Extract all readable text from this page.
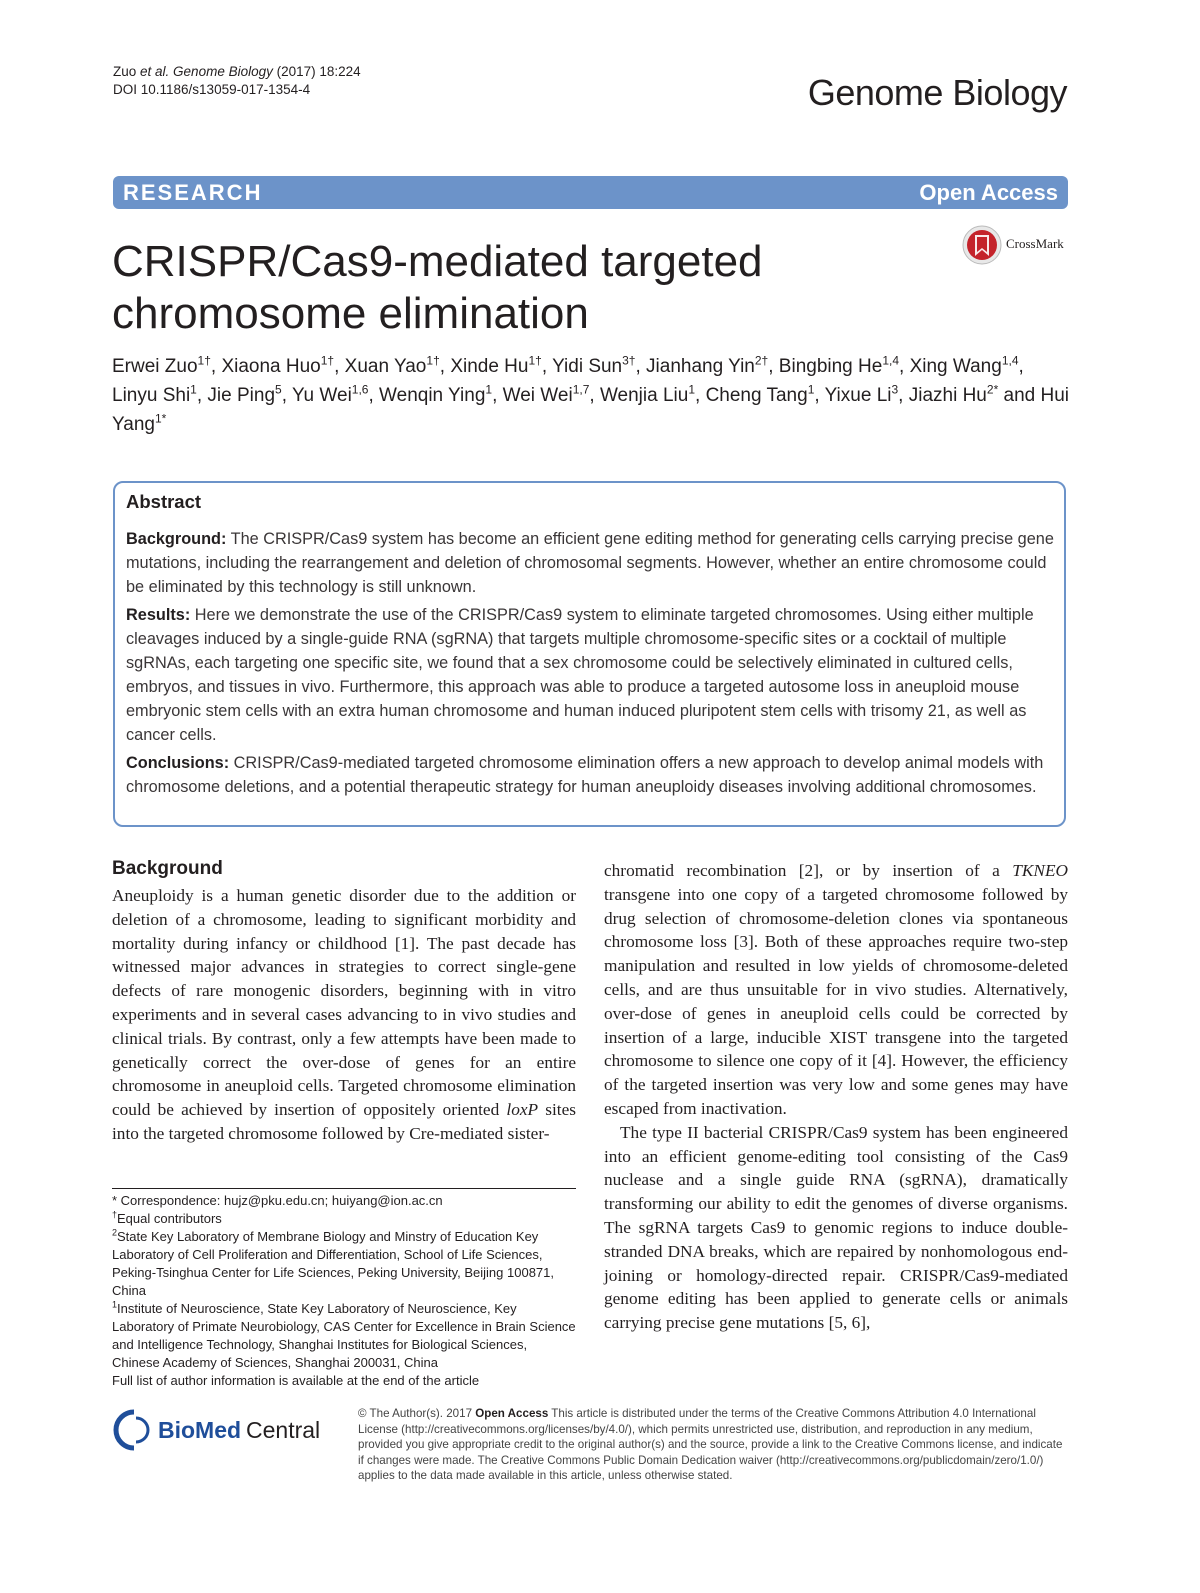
Zuo et al. Genome Biology (2017) 18:224
DOI 10.1186/s13059-017-1354-4	Genome Biology
RESEARCH	Open Access
CRISPR/Cas9-mediated targeted
chromosome elimination
CrossMark
Erwei Zuo$^{1\dagger}$, Xiaona Huo$^{1\dagger}$, Xuan Yao$^{1\dagger}$, Xinde $Hu^{1\dagger}$, Yidi Sun$^{3\dagger}$, Jianhang Yin$^{2\dagger}$, Bingbing He$^{1,4}$, Xing Wang$^{1,4}$, Linyu Shi$^1$, Jie Ping$^5$, Yu Wei$^{1,6}$, Wenqin Ying$^1$, Wei Wei$^{1,7}$, Wenjia Liu$^1$, Cheng Tang$^1$, Yixue Li$^3$, Jiazhi $Hu^{2*}$ and Hui Yang$^{1*}$
Abstract
Background: The CRISPR/Cas9 system has become an efficient gene editing method for generating cells carrying precise gene mutations, including the rearrangement and deletion of chromosomal segments. However, whether an entire chromosome could be eliminated by this technology is still unknown.
Results: Here we demonstrate the use of the CRISPR/Cas9 system to eliminate targeted chromosomes. Using either multiple cleavages induced by a single-guide RNA (sgRNA) that targets multiple chromosome-specific sites or a cocktail of multiple sgRNAs, each targeting one specific site, we found that a sex chromosome could be selectively eliminated in cultured cells, embryos, and tissues in vivo. Furthermore, this approach was able to produce a targeted autosome loss in aneuploid mouse embryonic stem cells with an extra human chromosome and human induced pluripotent stem cells with trisomy 21, as well as cancer cells.
Conclusions: CRISPR/Cas9-mediated targeted chromosome elimination offers a new approach to develop animal models with chromosome deletions, and a potential therapeutic strategy for human aneuploidy diseases involving additional chromosomes.
Background

Aneuploidy is a human genetic disorder due to the addition or deletion of a chromosome, leading to significant morbidity and mortality during infancy or childhood [1]. The past decade has witnessed major advances in strategies to correct single-gene defects of rare monogenic disorders, beginning with in vitro experiments and in several cases advancing to in vivo studies and clinical trials. By contrast, only a few attempts have been made to genetically correct the over-dose of genes for an entire chromosome in aneuploid cells. Targeted chromosome elimination could be achieved by insertion of oppositely oriented loxP sites into the targeted chromosome followed by Cre-mediated sister-

chromatid recombination [2], or by insertion of a TKNEO transgene into one copy of a targeted chromosome followed by drug selection of chromosome-deletion clones via spontaneous chromosome loss [3]. Both of these approaches require two-step manipulation and resulted in low yields of chromosome-deleted cells, and are thus unsuitable for in vivo studies. Alternatively, over-dose of genes in aneuploid cells could be corrected by insertion of a large, inducible XIST transgene into the targeted chromosome to silence one copy of it [4]. However, the efficiency of the targeted insertion was very low and some genes may have escaped from inactivation.

The type II bacterial CRISPR/Cas9 system has been engineered into an efficient genome-editing tool consisting of the Cas9 nuclease and a single guide RNA (sgRNA), dramatically transforming our ability to edit the genomes of diverse organisms. The sgRNA targets Cas9 to genomic regions to induce double-stranded DNA breaks, which are repaired by nonhomologous end-joining or homology-directed repair. CRISPR/Cas9-mediated genome editing has been applied to generate cells or animals carrying precise gene mutations [5, 6],

* Correspondence: hujz@pku.edu.cn; huiyang@ion.ac.cn

†Equal contributors

$^2$State Key Laboratory of Membrane Biology and Minstry of Education Key Laboratory of Cell Proliferation and Differentiation, School of Life Sciences, Peking-Tsinghua Center for Life Sciences, Peking University, Beijing 100871, China

$^1$Institute of Neuroscience, State Key Laboratory of Neuroscience, Key Laboratory of Primate Neurobiology, CAS Center for Excellence in Brain Science and Intelligence Technology, Shanghai Institutes for Biological Sciences, Chinese Academy of Sciences, Shanghai 200031, China

Full list of author information is available at the end of the article

BioMed Central
© The Author(s). 2017 Open Access This article is distributed under the terms of the Creative Commons Attribution 4.0 International License (http://creativecommons.org/licenses/by/4.0/), which permits unrestricted use, distribution, and reproduction in any medium, provided you give appropriate credit to the original author(s) and the source, provide a link to the Creative Commons license, and indicate if changes were made. The Creative Commons Public Domain Dedication waiver (http://creativecommons.org/publicdomain/zero/1.0/) applies to the data made available in this article, unless otherwise stated.
